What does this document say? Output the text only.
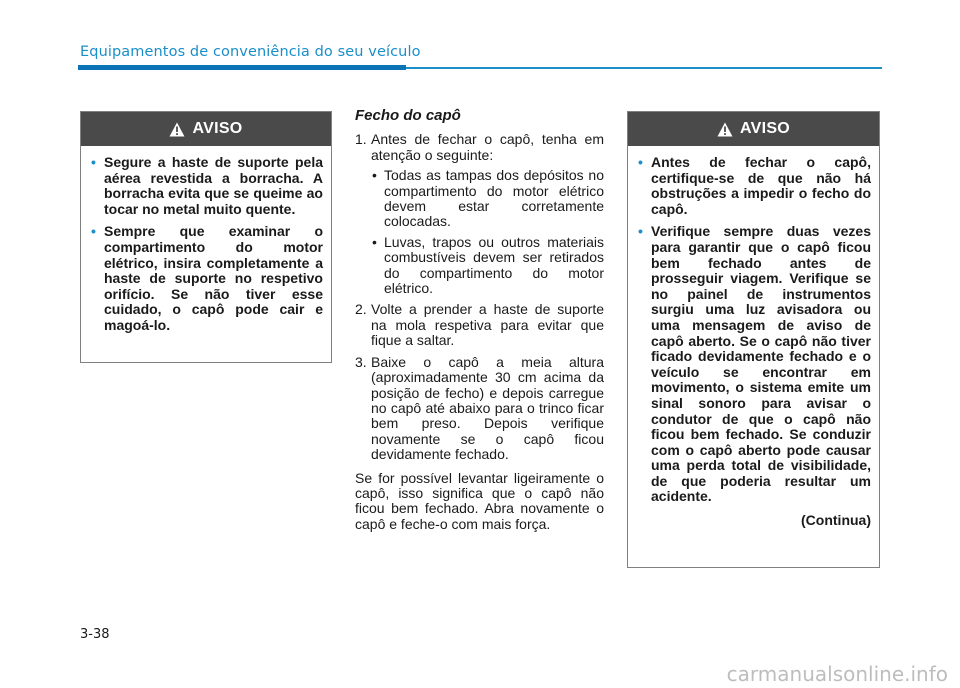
Equipamentos de conveniência do seu veículo
AVISO
• Segure a haste de suporte pela aérea revestida a borracha. A borracha evita que se queime ao tocar no metal muito quente.
• Sempre que examinar o compartimento do motor elétrico, insira completamente a haste de suporte no respetivo orifício. Se não tiver esse cuidado, o capô pode cair e magoá-lo.
Fecho do capô
1. Antes de fechar o capô, tenha em atenção o seguinte:
• Todas as tampas dos depósitos no compartimento do motor elétrico devem estar corretamente colocadas.
• Luvas, trapos ou outros materiais combustíveis devem ser retirados do compartimento do motor elétrico.
2. Volte a prender a haste de suporte na mola respetiva para evitar que fique a saltar.
3. Baixe o capô a meia altura (aproximadamente 30 cm acima da posição de fecho) e depois carregue no capô até abaixo para o trinco ficar bem preso. Depois verifique novamente se o capô ficou devidamente fechado.
Se for possível levantar ligeiramente o capô, isso significa que o capô não ficou bem fechado. Abra novamente o capô e feche-o com mais força.
AVISO
• Antes de fechar o capô, certifique-se de que não há obstruções a impedir o fecho do capô.
• Verifique sempre duas vezes para garantir que o capô ficou bem fechado antes de prosseguir viagem. Verifique se no painel de instrumentos surgiu uma luz avisadora ou uma mensagem de aviso de capô aberto. Se o capô não tiver ficado devidamente fechado e o veículo se encontrar em movimento, o sistema emite um sinal sonoro para avisar o condutor de que o capô não ficou bem fechado. Se conduzir com o capô aberto pode causar uma perda total de visibilidade, de que poderia resultar um acidente.
(Continua)
3-38
carmanualsonline.info
